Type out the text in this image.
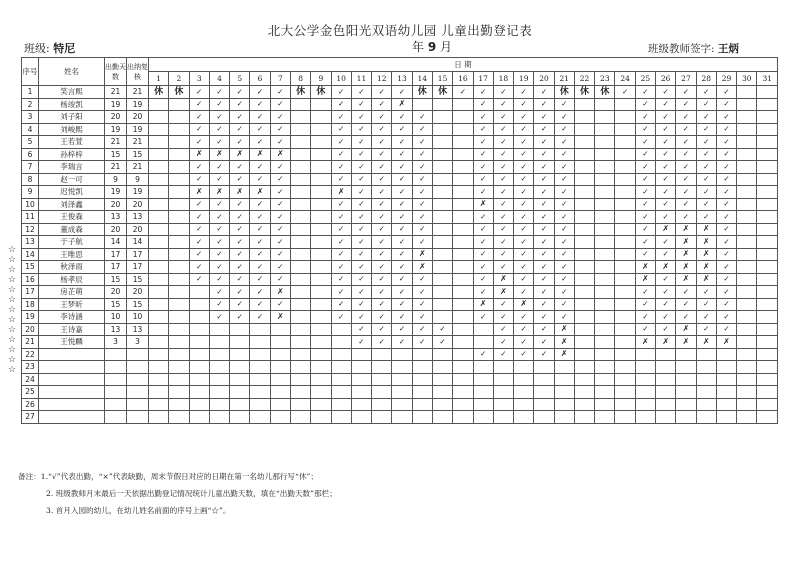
北大公学金色阳光双语幼儿园 儿童出勤登记表
班级: 特尼	年 9 月	班级教师签字: 王炳
序号	姓名	出勤天数	出纳复核	日 期																														
				1	2	3	4	5	6	7	8	9	10	11	12	13	14	15	16	17	18	19	20	21	22	23	24	25	26	27	28	29	30	31
1	笑言熙	21	21	休	休	✓	✓	✓	✓	✓	休	休	✓	✓	✓	✓	休	休	✓	✓	✓	✓	✓	休	休	休	✓	✓	✓	✓	✓	✓		
2	杨竣凯	19	19			✓	✓	✓	✓	✓			✓	✓	✓	✗				✓	✓	✓	✓	✓				✓	✓	✓	✓	✓		
3	刘子阳	20	20			✓	✓	✓	✓	✓			✓	✓	✓	✓	✓			✓	✓	✓	✓	✓				✓	✓	✓	✓	✓		
4	刘峻熙	19	19			✓	✓	✓	✓	✓			✓	✓	✓	✓	✓			✓	✓	✓	✓	✓				✓	✓	✓	✓	✓		
5	王若萱	21	21			✓	✓	✓	✓	✓			✓	✓	✓	✓	✓			✓	✓	✓	✓	✓				✓	✓	✓	✓	✓		
6	孙梓梓	15	15			✗	✗	✗	✗	✗			✓	✓	✓	✓	✓			✓	✓	✓	✓	✓				✓	✓	✓	✓	✓		
7	李瑞言	21	21			✓	✓	✓	✓	✓			✓	✓	✓	✓	✓			✓	✓	✓	✓	✓				✓	✓	✓	✓	✓		
8	赵一可	9	9			✓	✓	✓	✓	✓			✓	✓	✓	✓	✓			✓	✓	✓	✓	✓				✓	✓	✓	✓	✓		
9	迟悦凯	19	19			✗	✗	✗	✗	✓			✗	✓	✓	✓	✓			✓	✓	✓	✓	✓				✓	✓	✓	✓	✓		
10	刘泽鑫	20	20			✓	✓	✓	✓	✓			✓	✓	✓	✓	✓			✗	✓	✓	✓	✓				✓	✓	✓	✓	✓		
11	王俊森	13	13			✓	✓	✓	✓	✓			✓	✓	✓	✓	✓			✓	✓	✓	✓	✓				✓	✓	✓	✓	✓		
12	董成森	20	20			✓	✓	✓	✓	✓			✓	✓	✓	✓	✓			✓	✓	✓	✓	✓				✓	✗	✗	✗	✓		
13	于子航	14	14			✓	✓	✓	✓	✓			✓	✓	✓	✓	✓			✓	✓	✓	✓	✓				✓	✓	✗	✗	✓		
14	王唯思	17	17			✓	✓	✓	✓	✓			✓	✓	✓	✓	✗			✓	✓	✓	✓	✓				✓	✓	✗	✗	✓		
15	秋泽雨	17	17			✓	✓	✓	✓	✓			✓	✓	✓	✓	✗			✓	✓	✓	✓	✓				✗	✗	✗	✗	✓		
16	杨孝辰	15	15			✓	✓	✓	✓	✓			✓	✓	✓	✓	✓			✓	✗	✓	✓	✓				✗	✓	✗	✗	✓		
17	房芷萌	20	20				✓	✓	✓	✗			✓	✓	✓	✓	✓			✓	✗	✓	✓	✓				✓	✓	✓	✓	✓		
18	王梦昕	15	15				✓	✓	✓	✓			✓	✓	✓	✓	✓			✗	✓	✗	✓	✓				✓	✓	✓	✓	✓		
19	李诗涵	10	10				✓	✓	✓	✗			✓	✓	✓	✓	✓			✓	✓	✓	✓	✓				✓	✓	✓	✓	✓		
20	王诗嘉	13	13											✓	✓	✓	✓	✓			✓	✓	✓	✗				✓	✓	✗	✓	✓		
21	王悦麟	3	3											✓	✓	✓	✓	✓			✓	✓	✓	✗				✗	✗	✗	✗	✗		
22																				✓	✓	✓	✓	✗										
23																																		
24																																		
25																																		
26																																		
27																																		
☆☆☆☆☆☆☆☆☆☆☆☆☆
备注：1.“√”代表出勤，“×”代表缺勤，周末节假日对应的日期在第一名幼儿那行写“休”；
2. 班级教师月末最后一天依据出勤登记情况统计儿童出勤天数，填在“出勤天数”那栏；
3. 首月入园的幼儿，在幼儿姓名前面的序号上画“☆”。
